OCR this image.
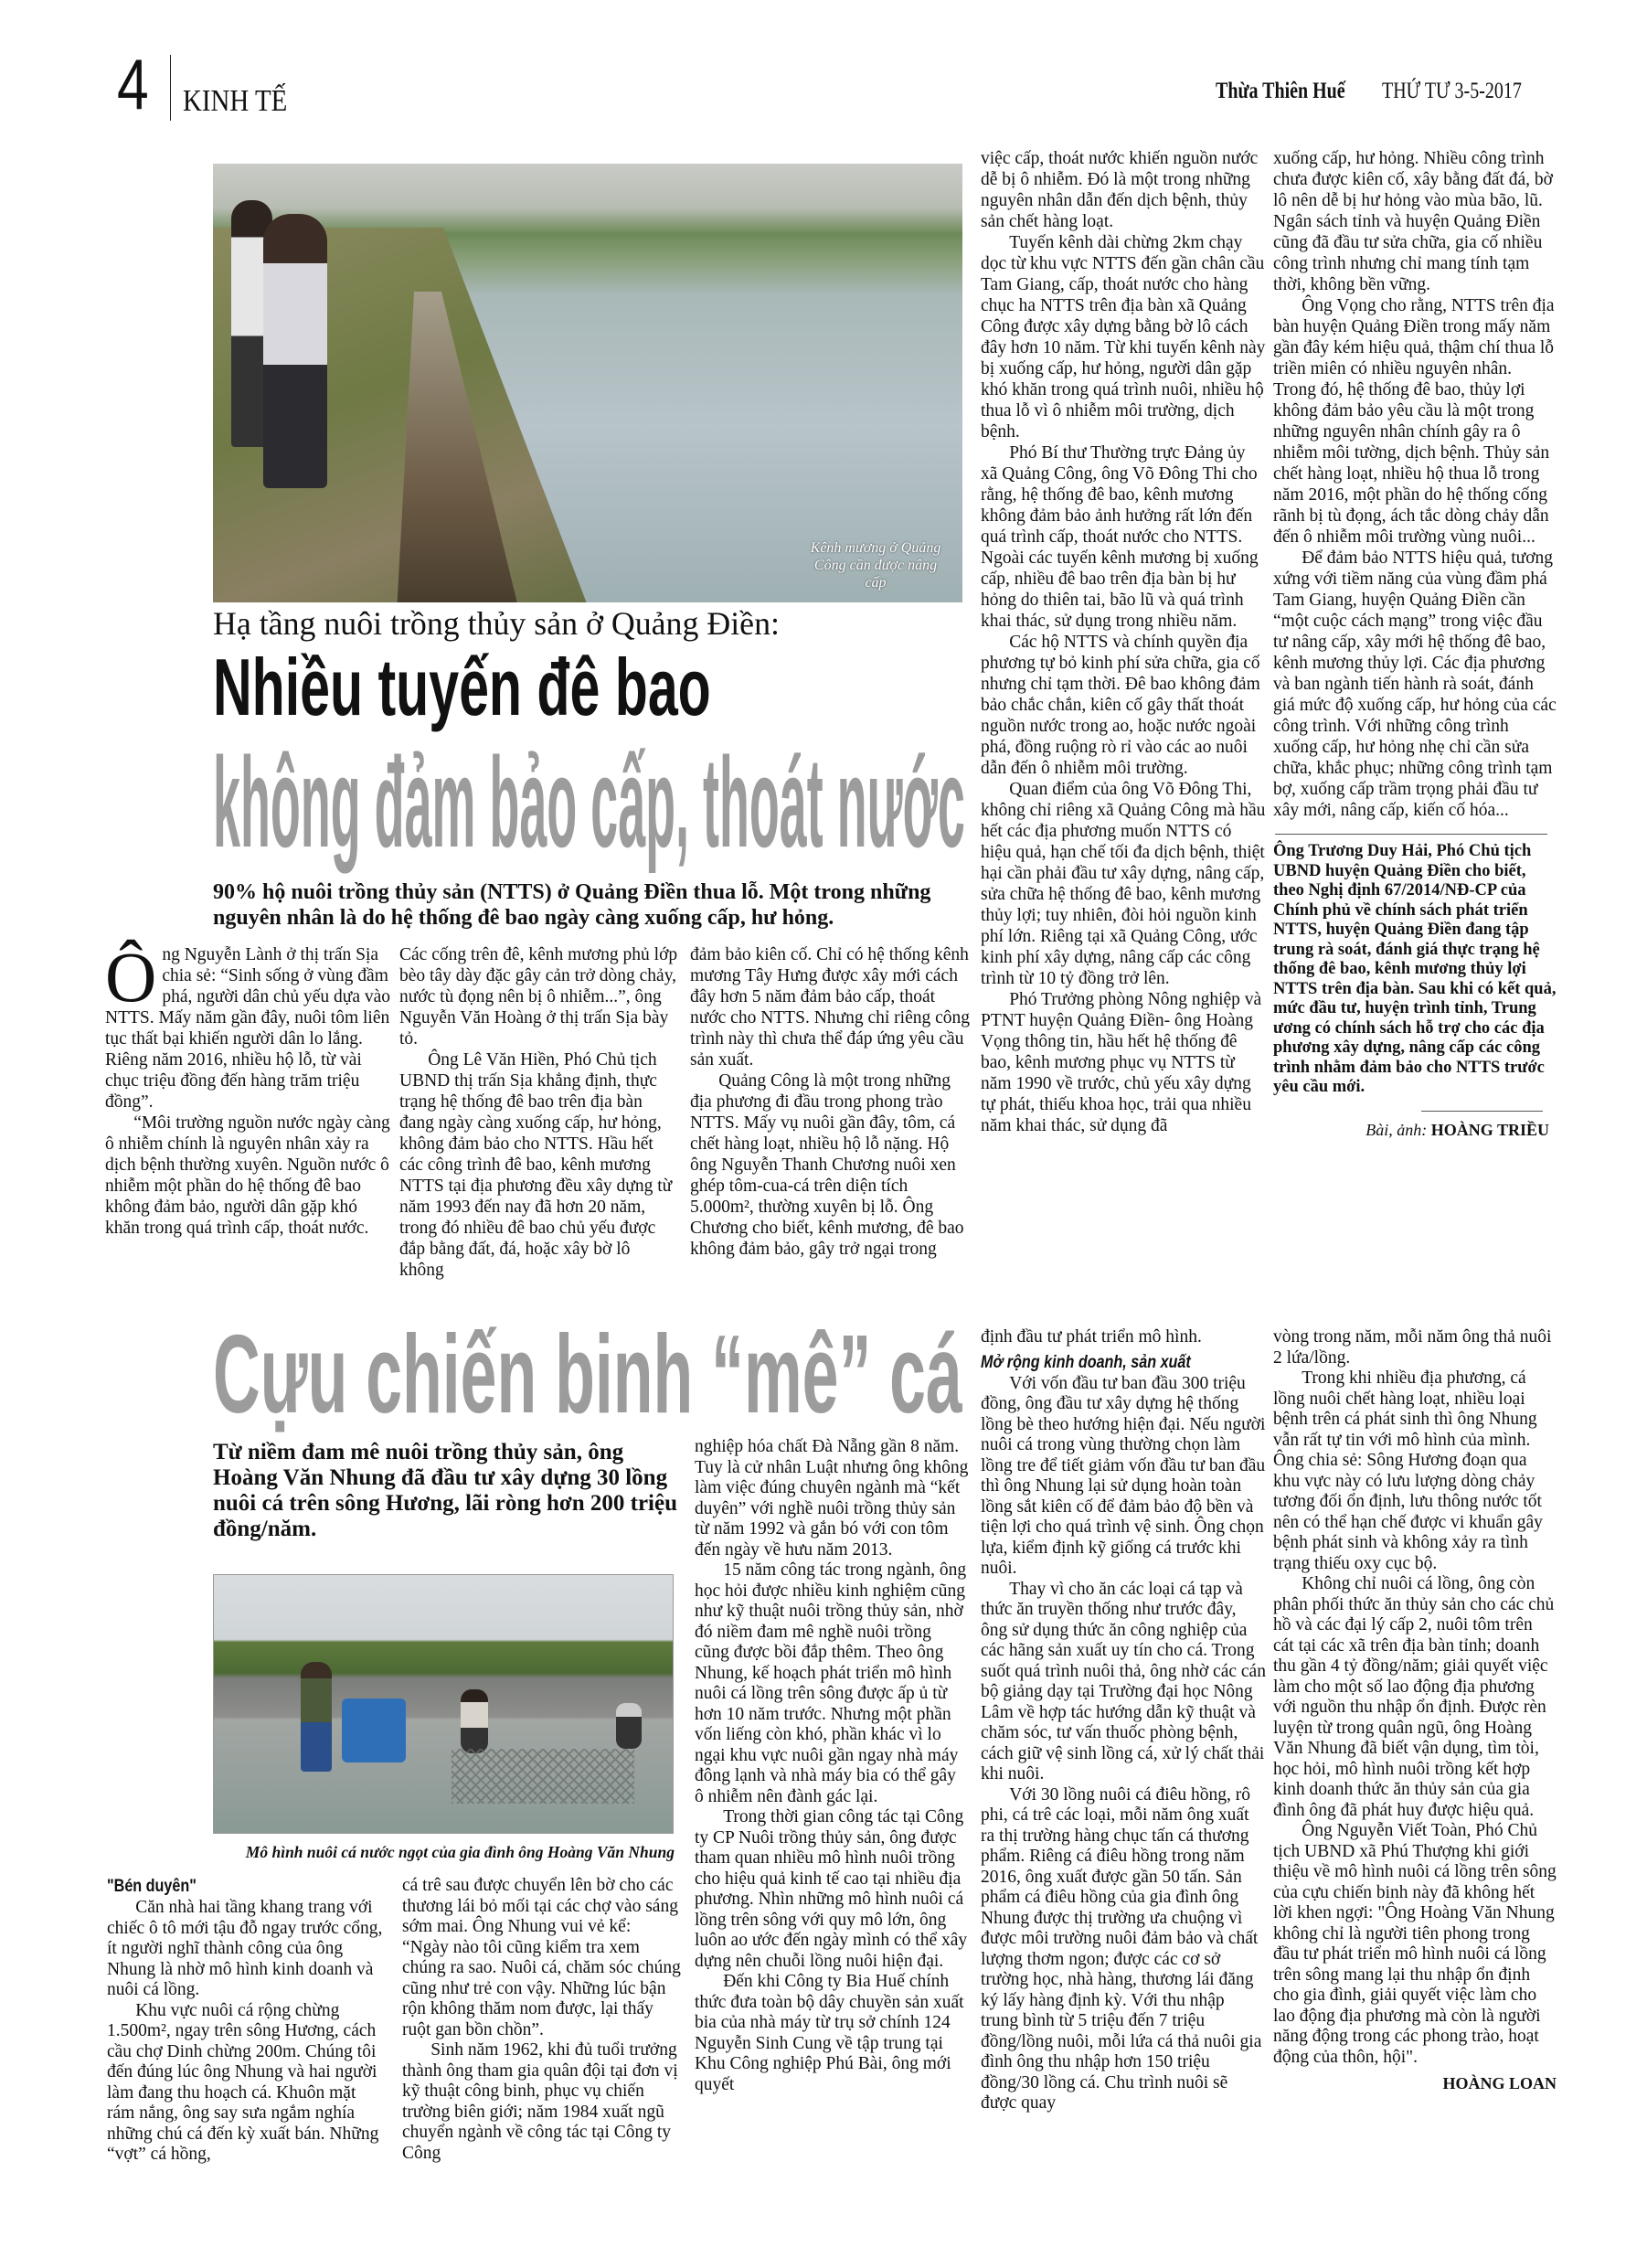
4 KINH TẾ	Thừa Thiên Huế THỨ TƯ 3-5-2017
Kênh mương ở Quảng Công cần được nâng cấp
Hạ tầng nuôi trồng thủy sản ở Quảng Điền:
Nhiều tuyến đê bao
không đảm bảo cấp, thoát nước
90% hộ nuôi trồng thủy sản (NTTS) ở Quảng Điền thua lỗ. Một trong những nguyên nhân là do hệ thống đê bao ngày càng xuống cấp, hư hỏng.

Ông Nguyễn Lành ở thị trấn Sịa chia sẻ: “Sinh sống ở vùng đầm phá, người dân chủ yếu dựa vào NTTS. Mấy năm gần đây, nuôi tôm liên tục thất bại khiến người dân lo lắng. Riêng năm 2016, nhiều hộ lỗ, từ vài chục triệu đồng đến hàng trăm triệu đồng”.

“Môi trường nguồn nước ngày càng ô nhiễm chính là nguyên nhân xảy ra dịch bệnh thường xuyên. Nguồn nước ô nhiễm một phần do hệ thống đê bao không đảm bảo, người dân gặp khó khăn trong quá trình cấp, thoát nước.

Các cống trên đê, kênh mương phủ lớp bèo tây dày đặc gây cản trở dòng chảy, nước tù đọng nên bị ô nhiễm...”, ông Nguyễn Văn Hoàng ở thị trấn Sịa bày tỏ.

Ông Lê Văn Hiền, Phó Chủ tịch UBND thị trấn Sịa khẳng định, thực trạng hệ thống đê bao trên địa bàn đang ngày càng xuống cấp, hư hỏng, không đảm bảo cho NTTS. Hầu hết các công trình đê bao, kênh mương NTTS tại địa phương đều xây dựng từ năm 1993 đến nay đã hơn 20 năm, trong đó nhiều đê bao chủ yếu được đắp bằng đất, đá, hoặc xây bờ lô không

đảm bảo kiên cố. Chỉ có hệ thống kênh mương Tây Hưng được xây mới cách đây hơn 5 năm đảm bảo cấp, thoát nước cho NTTS. Nhưng chỉ riêng công trình này thì chưa thể đáp ứng yêu cầu sản xuất.

Quảng Công là một trong những địa phương đi đầu trong phong trào NTTS. Mấy vụ nuôi gần đây, tôm, cá chết hàng loạt, nhiều hộ lỗ nặng. Hộ ông Nguyễn Thanh Chương nuôi xen ghép tôm-cua-cá trên diện tích 5.000m², thường xuyên bị lỗ. Ông Chương cho biết, kênh mương, đê bao không đảm bảo, gây trở ngại trong

việc cấp, thoát nước khiến nguồn nước dễ bị ô nhiễm. Đó là một trong những nguyên nhân dẫn đến dịch bệnh, thủy sản chết hàng loạt.

Tuyến kênh dài chừng 2km chạy dọc từ khu vực NTTS đến gần chân cầu Tam Giang, cấp, thoát nước cho hàng chục ha NTTS trên địa bàn xã Quảng Công được xây dựng bằng bờ lô cách đây hơn 10 năm. Từ khi tuyến kênh này bị xuống cấp, hư hỏng, người dân gặp khó khăn trong quá trình nuôi, nhiều hộ thua lỗ vì ô nhiễm môi trường, dịch bệnh.

Phó Bí thư Thường trực Đảng ủy xã Quảng Công, ông Võ Đông Thi cho rằng, hệ thống đê bao, kênh mương không đảm bảo ảnh hưởng rất lớn đến quá trình cấp, thoát nước cho NTTS. Ngoài các tuyến kênh mương bị xuống cấp, nhiều đê bao trên địa bàn bị hư hỏng do thiên tai, bão lũ và quá trình khai thác, sử dụng trong nhiều năm.

Các hộ NTTS và chính quyền địa phương tự bỏ kinh phí sửa chữa, gia cố nhưng chỉ tạm thời. Đê bao không đảm bảo chắc chắn, kiên cố gây thất thoát nguồn nước trong ao, hoặc nước ngoài phá, đồng ruộng rò rỉ vào các ao nuôi dẫn đến ô nhiễm môi trường.

Quan điểm của ông Võ Đông Thi, không chỉ riêng xã Quảng Công mà hầu hết các địa phương muốn NTTS có hiệu quả, hạn chế tối đa dịch bệnh, thiệt hại cần phải đầu tư xây dựng, nâng cấp, sửa chữa hệ thống đê bao, kênh mương thủy lợi; tuy nhiên, đòi hỏi nguồn kinh phí lớn. Riêng tại xã Quảng Công, ước kinh phí xây dựng, nâng cấp các công trình từ 10 tỷ đồng trở lên.

Phó Trưởng phòng Nông nghiệp và PTNT huyện Quảng Điền- ông Hoàng Vọng thông tin, hầu hết hệ thống đê bao, kênh mương phục vụ NTTS từ năm 1990 về trước, chủ yếu xây dựng tự phát, thiếu khoa học, trải qua nhiều năm khai thác, sử dụng đã

xuống cấp, hư hỏng. Nhiều công trình chưa được kiên cố, xây bằng đất đá, bờ lô nên dễ bị hư hỏng vào mùa bão, lũ. Ngân sách tỉnh và huyện Quảng Điền cũng đã đầu tư sửa chữa, gia cố nhiều công trình nhưng chỉ mang tính tạm thời, không bền vững.

Ông Vọng cho rằng, NTTS trên địa bàn huyện Quảng Điền trong mấy năm gần đây kém hiệu quả, thậm chí thua lỗ triền miên có nhiều nguyên nhân. Trong đó, hệ thống đê bao, thủy lợi không đảm bảo yêu cầu là một trong những nguyên nhân chính gây ra ô nhiễm môi tường, dịch bệnh. Thủy sản chết hàng loạt, nhiều hộ thua lỗ trong năm 2016, một phần do hệ thống cống rãnh bị tù đọng, ách tắc dòng chảy dẫn đến ô nhiễm môi trường vùng nuôi...

Để đảm bảo NTTS hiệu quả, tương xứng với tiềm năng của vùng đầm phá Tam Giang, huyện Quảng Điền cần “một cuộc cách mạng” trong việc đầu tư nâng cấp, xây mới hệ thống đê bao, kênh mương thủy lợi. Các địa phương và ban ngành tiến hành rà soát, đánh giá mức độ xuống cấp, hư hỏng của các công trình. Với những công trình xuống cấp, hư hỏng nhẹ chỉ cần sửa chữa, khắc phục; những công trình tạm bợ, xuống cấp trầm trọng phải đầu tư xây mới, nâng cấp, kiến cố hóa...

Ông Trương Duy Hải, Phó Chủ tịch UBND huyện Quảng Điền cho biết, theo Nghị định 67/2014/NĐ-CP của Chính phủ về chính sách phát triển NTTS, huyện Quảng Điền đang tập trung rà soát, đánh giá thực trạng hệ thống đê bao, kênh mương thủy lợi NTTS trên địa bàn. Sau khi có kết quả, mức đầu tư, huyện trình tỉnh, Trung ương có chính sách hỗ trợ cho các địa phương xây dựng, nâng cấp các công trình nhằm đảm bảo cho NTTS trước yêu cầu mới.
Bài, ảnh: HOÀNG TRIỀU
Cựu chiến binh “mê” cá
Từ niềm đam mê nuôi trồng thủy sản, ông Hoàng Văn Nhung đã đầu tư xây dựng 30 lồng nuôi cá trên sông Hương, lãi ròng hơn 200 triệu đồng/năm.
Mô hình nuôi cá nước ngọt của gia đình ông Hoàng Văn Nhung
"Bén duyên"

Căn nhà hai tầng khang trang với chiếc ô tô mới tậu đỗ ngay trước cổng, ít người nghĩ thành công của ông Nhung là nhờ mô hình kinh doanh và nuôi cá lồng.

Khu vực nuôi cá rộng chừng 1.500m², ngay trên sông Hương, cách cầu chợ Dinh chừng 200m. Chúng tôi đến đúng lúc ông Nhung và hai người làm đang thu hoạch cá. Khuôn mặt rám nắng, ông say sưa ngắm nghía những chú cá đến kỳ xuất bán. Những “vợt” cá hồng,

cá trê sau được chuyển lên bờ cho các thương lái bỏ mối tại các chợ vào sáng sớm mai. Ông Nhung vui vẻ kể: “Ngày nào tôi cũng kiểm tra xem chúng ra sao. Nuôi cá, chăm sóc chúng cũng như trẻ con vậy. Những lúc bận rộn không thăm nom được, lại thấy ruột gan bồn chồn”.

Sinh năm 1962, khi đủ tuổi trưởng thành ông tham gia quân đội tại đơn vị kỹ thuật công binh, phục vụ chiến trường biên giới; năm 1984 xuất ngũ chuyển ngành về công tác tại Công ty Công

nghiệp hóa chất Đà Nẵng gần 8 năm. Tuy là cử nhân Luật nhưng ông không làm việc đúng chuyên ngành mà “kết duyên” với nghề nuôi trồng thủy sản từ năm 1992 và gắn bó với con tôm đến ngày về hưu năm 2013.

15 năm công tác trong ngành, ông học hỏi được nhiều kinh nghiệm cũng như kỹ thuật nuôi trồng thủy sản, nhờ đó niềm đam mê nghề nuôi trồng cũng được bồi đắp thêm. Theo ông Nhung, kế hoạch phát triển mô hình nuôi cá lồng trên sông được ấp ủ từ hơn 10 năm trước. Nhưng một phần vốn liếng còn khó, phần khác vì lo ngại khu vực nuôi gần ngay nhà máy đông lạnh và nhà máy bia có thể gây ô nhiễm nên đành gác lại.

Trong thời gian công tác tại Công ty CP Nuôi trồng thủy sản, ông được tham quan nhiều mô hình nuôi trồng cho hiệu quả kinh tế cao tại nhiều địa phương. Nhìn những mô hình nuôi cá lồng trên sông với quy mô lớn, ông luôn ao ước đến ngày mình có thể xây dựng nên chuỗi lồng nuôi hiện đại.

Đến khi Công ty Bia Huế chính thức đưa toàn bộ dây chuyền sản xuất bia của nhà máy từ trụ sở chính 124 Nguyễn Sinh Cung về tập trung tại Khu Công nghiệp Phú Bài, ông mới quyết

định đầu tư phát triển mô hình.

Mở rộng kinh doanh, sản xuất

Với vốn đầu tư ban đầu 300 triệu đồng, ông đầu tư xây dựng hệ thống lồng bè theo hướng hiện đại. Nếu người nuôi cá trong vùng thường chọn làm lồng tre để tiết giảm vốn đầu tư ban đầu thì ông Nhung lại sử dụng hoàn toàn lồng sắt kiên cố để đảm bảo độ bền và tiện lợi cho quá trình vệ sinh. Ông chọn lựa, kiểm định kỹ giống cá trước khi nuôi.

Thay vì cho ăn các loại cá tạp và thức ăn truyền thống như trước đây, ông sử dụng thức ăn công nghiệp của các hãng sản xuất uy tín cho cá. Trong suốt quá trình nuôi thả, ông nhờ các cán bộ giảng dạy tại Trường đại học Nông Lâm về hợp tác hướng dẫn kỹ thuật và chăm sóc, tư vấn thuốc phòng bệnh, cách giữ vệ sinh lồng cá, xử lý chất thải khi nuôi.

Với 30 lồng nuôi cá điêu hồng, rô phi, cá trê các loại, mỗi năm ông xuất ra thị trường hàng chục tấn cá thương phẩm. Riêng cá điêu hồng trong năm 2016, ông xuất được gần 50 tấn. Sản phẩm cá điêu hồng của gia đình ông Nhung được thị trường ưa chuộng vì được môi trường nuôi đảm bảo và chất lượng thơm ngon; được các cơ sở trường học, nhà hàng, thương lái đăng ký lấy hàng định kỳ. Với thu nhập trung bình từ 5 triệu đến 7 triệu đồng/lồng nuôi, mỗi lứa cá thả nuôi gia đình ông thu nhập hơn 150 triệu đồng/30 lồng cá. Chu trình nuôi sẽ được quay

vòng trong năm, mỗi năm ông thả nuôi 2 lứa/lồng.

Trong khi nhiều địa phương, cá lồng nuôi chết hàng loạt, nhiều loại bệnh trên cá phát sinh thì ông Nhung vẫn rất tự tin với mô hình của mình. Ông chia sẻ: Sông Hương đoạn qua khu vực này có lưu lượng dòng chảy tương đối ổn định, lưu thông nước tốt nên có thể hạn chế được vi khuẩn gây bệnh phát sinh và không xảy ra tình trạng thiếu oxy cục bộ.

Không chỉ nuôi cá lồng, ông còn phân phối thức ăn thủy sản cho các chủ hồ và các đại lý cấp 2, nuôi tôm trên cát tại các xã trên địa bàn tỉnh; doanh thu gần 4 tỷ đồng/năm; giải quyết việc làm cho một số lao động địa phương với nguồn thu nhập ổn định. Được rèn luyện từ trong quân ngũ, ông Hoàng Văn Nhung đã biết vận dụng, tìm tòi, học hỏi, mô hình nuôi trồng kết hợp kinh doanh thức ăn thủy sản của gia đình ông đã phát huy được hiệu quả.

Ông Nguyễn Viết Toàn, Phó Chủ tịch UBND xã Phú Thượng khi giới thiệu về mô hình nuôi cá lồng trên sông của cựu chiến binh này đã không hết lời khen ngợi: "Ông Hoàng Văn Nhung không chỉ là người tiên phong trong đầu tư phát triển mô hình nuôi cá lồng trên sông mang lại thu nhập ổn định cho gia đình, giải quyết việc làm cho lao động địa phương mà còn là người năng động trong các phong trào, hoạt động của thôn, hội".

HOÀNG LOAN
